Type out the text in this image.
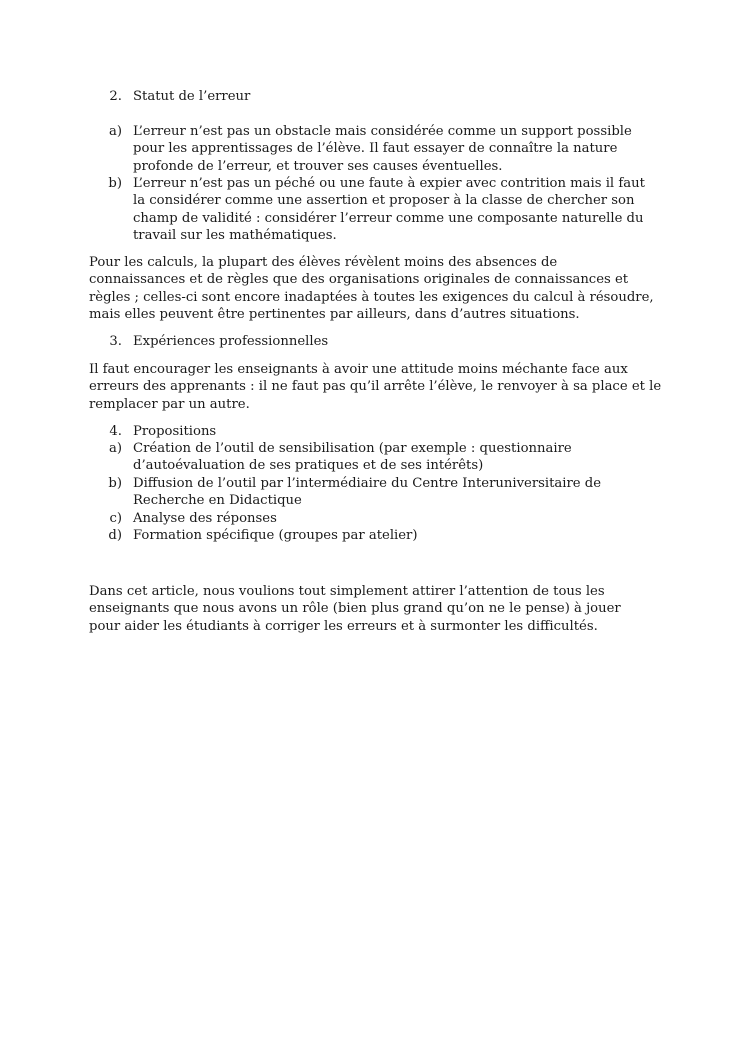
2. Statut de l’erreur
a) L’erreur n’est pas un obstacle mais considérée comme un support possible
pour les apprentissages de l’élève. Il faut essayer de connaître la nature
profonde de l’erreur, et trouver ses causes éventuelles.
b) L’erreur n’est pas un péché ou une faute à expier avec contrition mais il faut
la considérer comme une assertion et proposer à la classe de chercher son
champ de validité : considérer l’erreur comme une composante naturelle du
travail sur les mathématiques.
Pour les calculs, la plupart des élèves révèlent moins des absences de
connaissances et de règles que des organisations originales de connaissances et
règles ; celles-ci sont encore inadaptées à toutes les exigences du calcul à résoudre,
mais elles peuvent être pertinentes par ailleurs, dans d’autres situations.
3. Expériences professionnelles
Il faut encourager les enseignants à avoir une attitude moins méchante face aux
erreurs des apprenants : il ne faut pas qu’il arrête l’élève, le renvoyer à sa place et le
remplacer par un autre.
4. Propositions
a) Création de l’outil de sensibilisation (par exemple : questionnaire
d’autoévaluation de ses pratiques et de ses intérêts)
b) Diffusion de l’outil par l’intermédiaire du Centre Interuniversitaire de
Recherche en Didactique
c) Analyse des réponses
d) Formation spécifique (groupes par atelier)
Dans cet article, nous voulions tout simplement attirer l’attention de tous les
enseignants que nous avons un rôle (bien plus grand qu’on ne le pense) à jouer
pour aider les étudiants à corriger les erreurs et à surmonter les difficultés.
